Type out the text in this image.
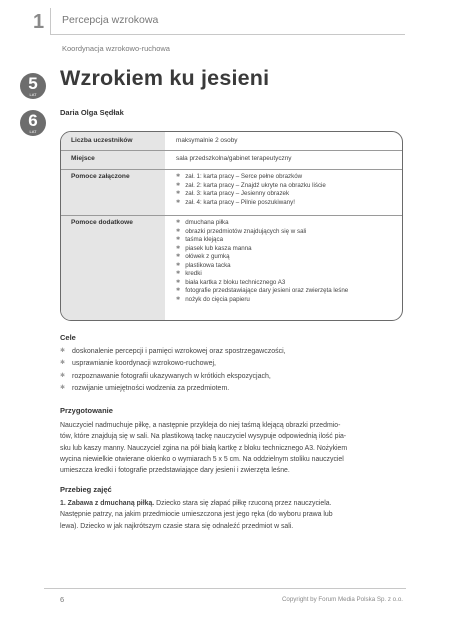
1 Percepcja wzrokowa
Koordynacja wzrokowo-ruchowa
5
LAT
6
LAT
Wzrokiem ku jesieni
Daria Olga Sędłak
Liczba uczestników	maksymalnie 2 osoby
Miejsce	sala przedszkolna/gabinet terapeutyczny
Pomoce załączone	✱ zał. 1: karta pracy – Serce pełne obrazków
✱ zał. 2: karta pracy – Znajdź ukryte na obrazku liście
✱ zał. 3: karta pracy – Jesienny obrazek
✱ zał. 4: karta pracy – Pilnie poszukiwany!
Pomoce dodatkowe	✱ dmuchana piłka
✱ obrazki przedmiotów znajdujących się w sali
✱ taśma klejąca
✱ piasek lub kasza manna
✱ ołówek z gumką
✱ plastikowa tacka
✱ kredki
✱ biała kartka z bloku technicznego A3
✱ fotografie przedstawiające dary jesieni oraz zwierzęta leśne
✱ nożyk do cięcia papieru
Cele
✱ doskonalenie percepcji i pamięci wzrokowej oraz spostrzegawczości,
✱ usprawnianie koordynacji wzrokowo-ruchowej,
✱ rozpoznawanie fotografii ukazywanych w krótkich ekspozycjach,
✱ rozwijanie umiejętności wodzenia za przedmiotem.
Przygotowanie

Nauczyciel nadmuchuje piłkę, a następnie przykleja do niej taśmą klejącą obrazki przedmio-

tów, które znajdują się w sali. Na plastikową tackę nauczyciel wysypuje odpowiednią ilość pia-

sku lub kaszy manny. Nauczyciel zgina na pół białą kartkę z bloku technicznego A3. Nożykiem

wycina niewielkie otwierane okienko o wymiarach 5 x 5 cm. Na oddzielnym stoliku nauczyciel

umieszcza kredki i fotografie przedstawiające dary jesieni i zwierzęta leśne.

Przebieg zajęć

1. Zabawa z dmuchaną piłką. Dziecko stara się złapać piłkę rzuconą przez nauczyciela.

Następnie patrzy, na jakim przedmiocie umieszczona jest jego ręka (do wyboru prawa lub

lewa). Dziecko w jak najkrótszym czasie stara się odnaleźć przedmiot w sali.

6	Copyright by Forum Media Polska Sp. z o.o.
